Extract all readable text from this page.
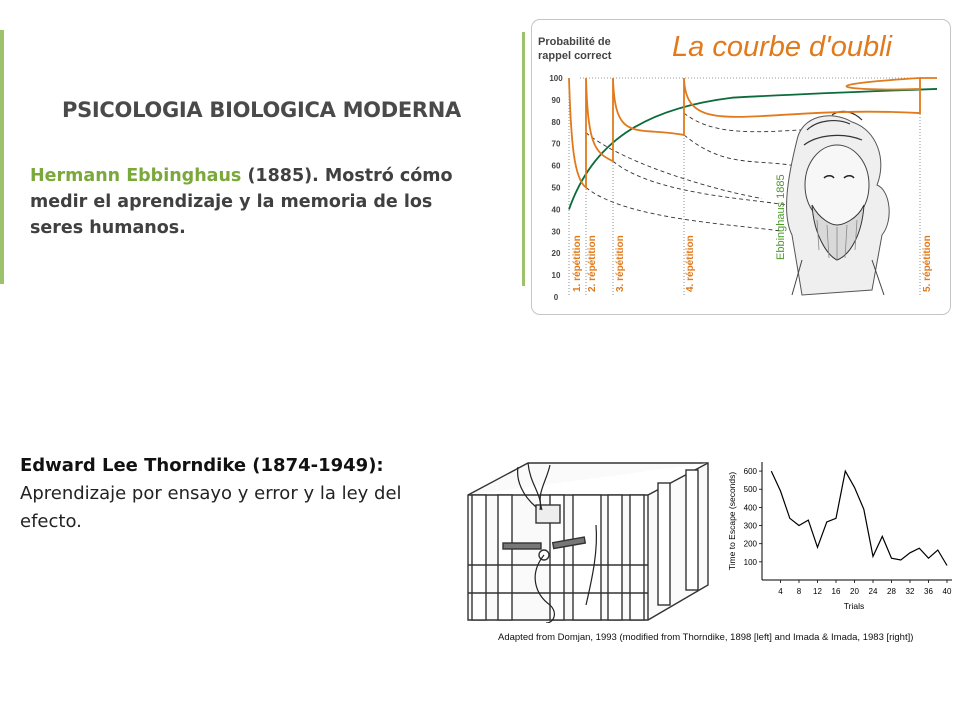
PSICOLOGIA BIOLOGICA MODERNA

Hermann Ebbinghaus (1885). Mostró cómo medir el aprendizaje y la memoria de los seres humanos.

Edward Lee Thorndike (1874-1949):
Aprendizaje por ensayo y error y la ley del efecto.

Probabilité de
rappel correct La courbe d'oubli
0
10
20
30
40
50
60
70
80
90
100
1. répétition 2. répétition 3. répétition	4. répétition	5. répétition
Ebbinghaus 1885
100
200
300
400
500
600
4 8 12 16 20 24 28 32 36 40
Trials
Time to Escape (seconds)

Adapted from Domjan, 1993 (modified from Thorndike, 1898 [left] and Imada & Imada, 1983 [right])
